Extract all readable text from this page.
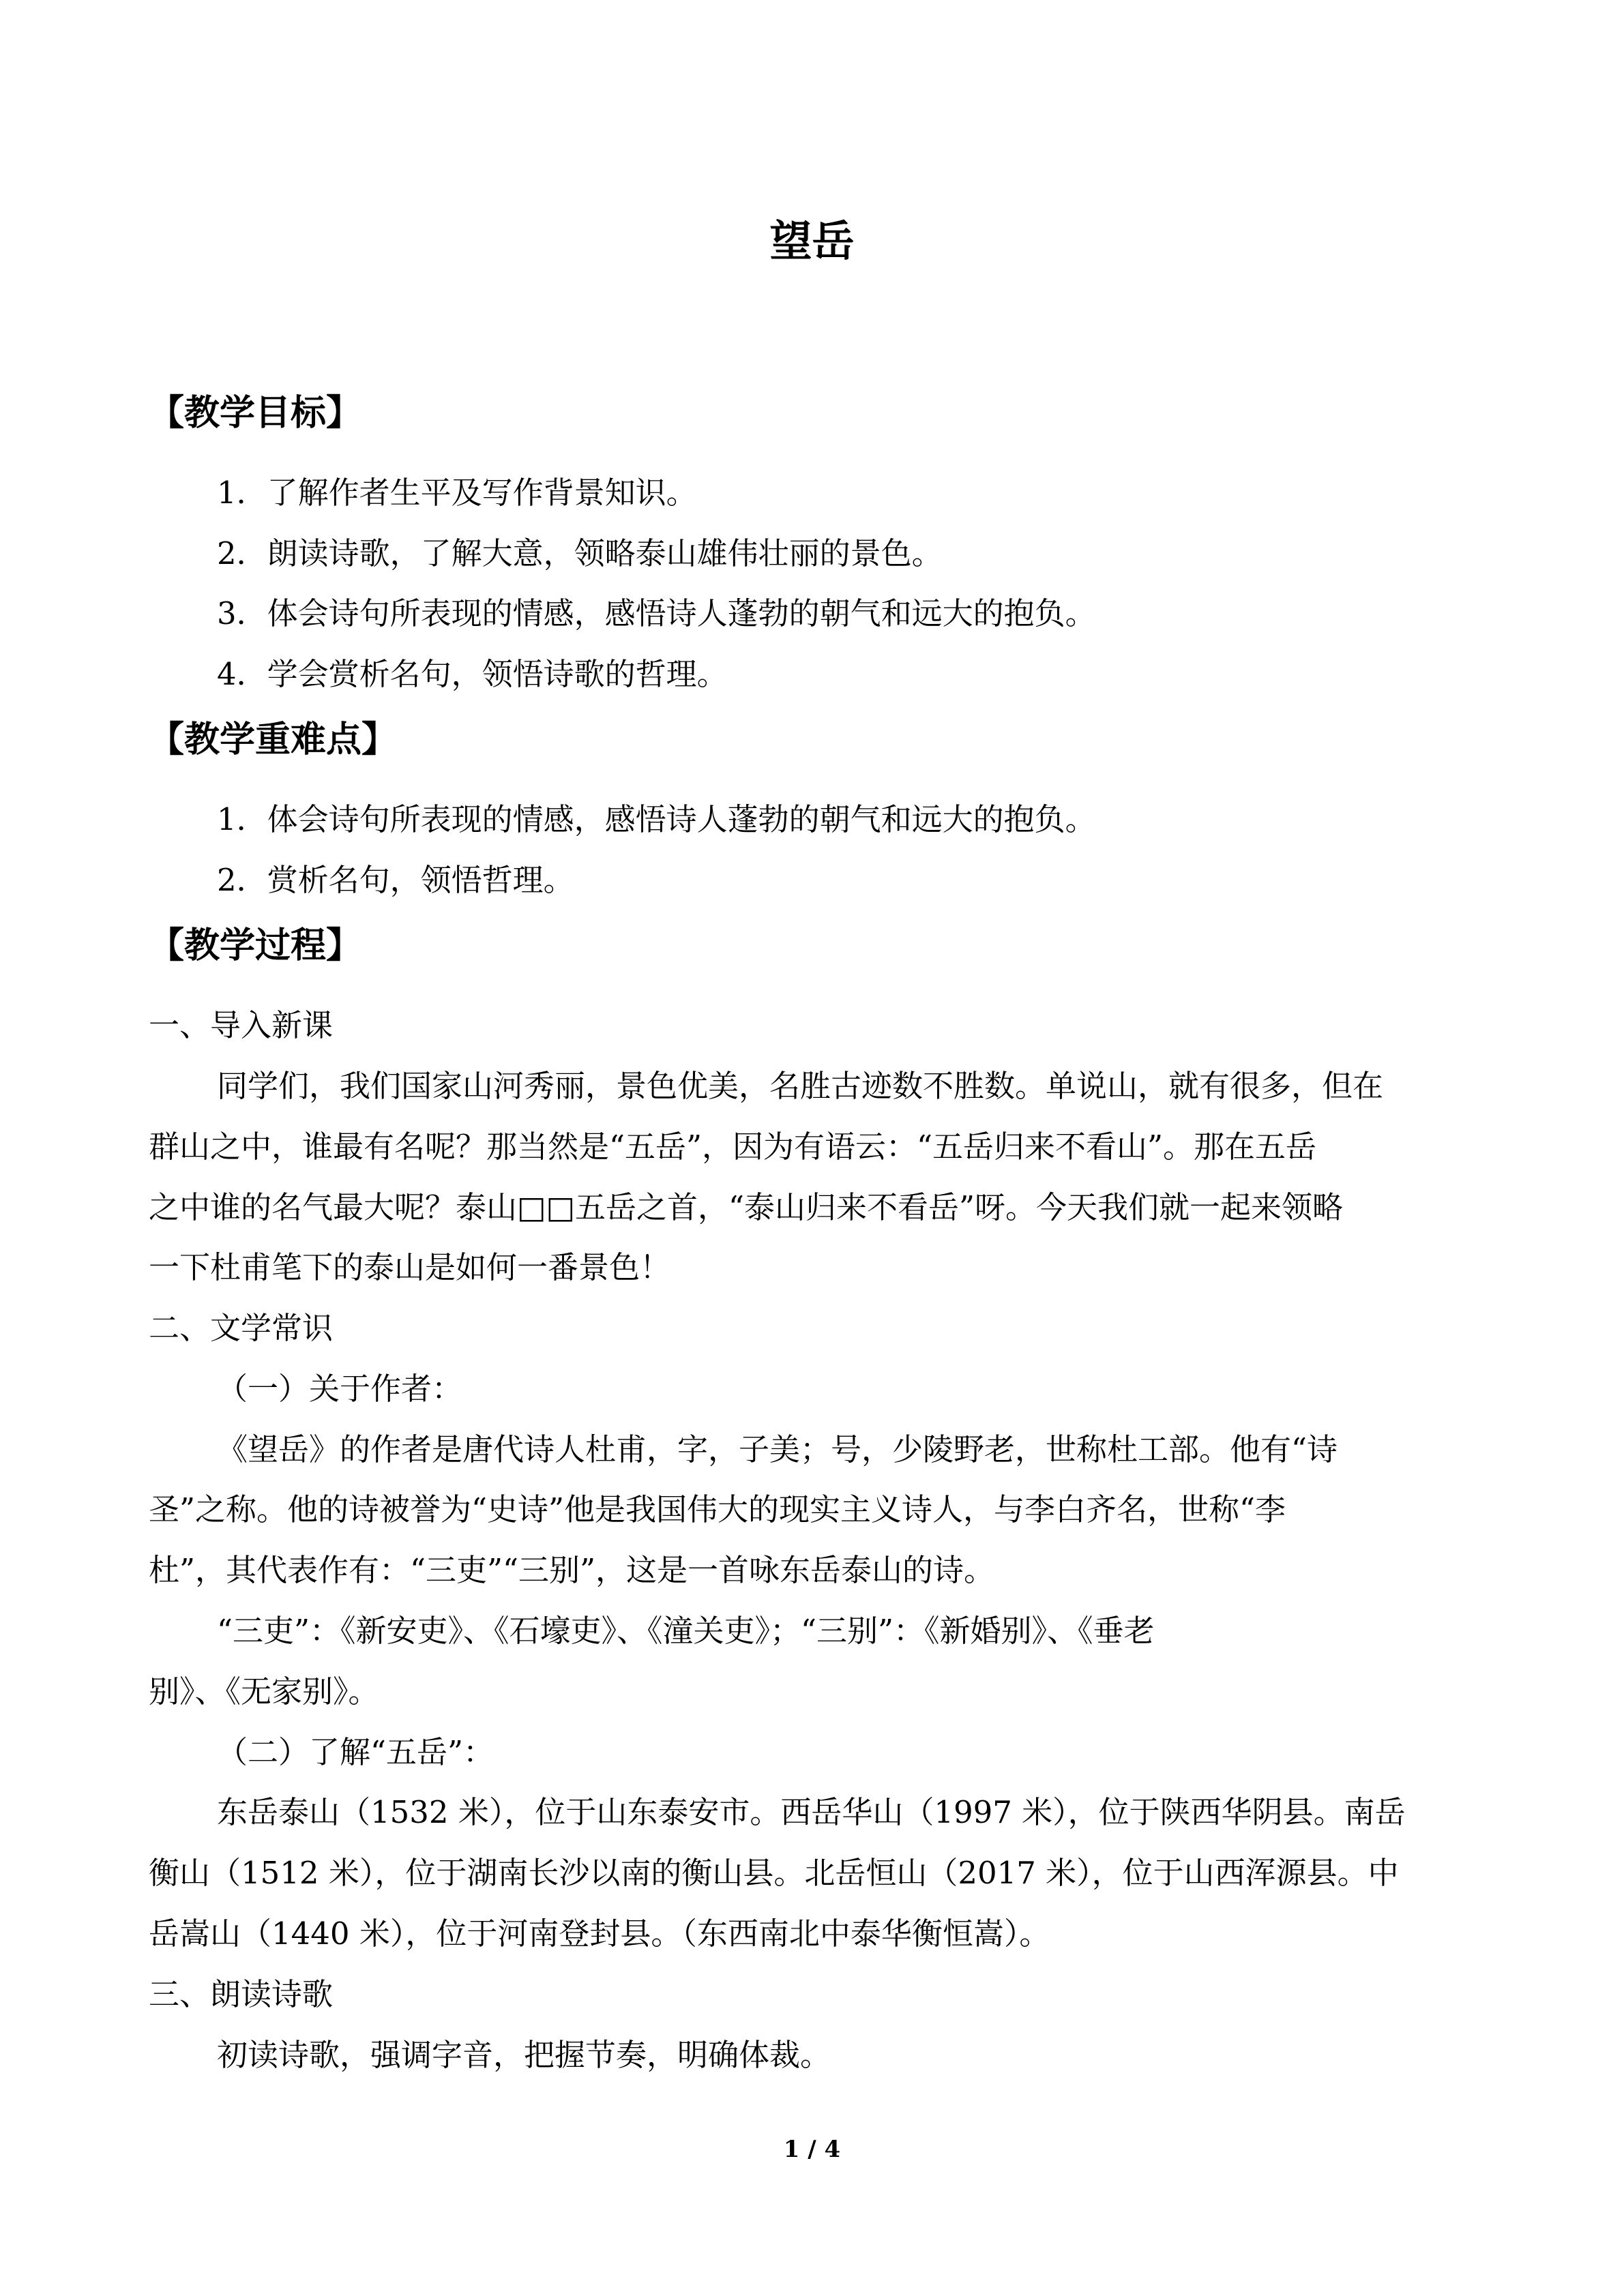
望岳
【教学目标】
1．了解作者生平及写作背景知识。
2．朗读诗歌，了解大意，领略泰山雄伟壮丽的景色。
3．体会诗句所表现的情感，感悟诗人蓬勃的朝气和远大的抱负。
4．学会赏析名句，领悟诗歌的哲理。
【教学重难点】
1．体会诗句所表现的情感，感悟诗人蓬勃的朝气和远大的抱负。
2．赏析名句，领悟哲理。
【教学过程】
一、导入新课
同学们，我们国家山河秀丽，景色优美，名胜古迹数不胜数。单说山，就有很多，但在
群山之中，谁最有名呢？那当然是“五岳”，因为有语云：“五岳归来不看山”。那在五岳
之中谁的名气最大呢？泰山□□五岳之首，“泰山归来不看岳”呀。今天我们就一起来领略
一下杜甫笔下的泰山是如何一番景色！
二、文学常识
（一）关于作者：
《望岳》的作者是唐代诗人杜甫，字，子美；号，少陵野老，世称杜工部。他有“诗
圣”之称。他的诗被誉为“史诗”他是我国伟大的现实主义诗人，与李白齐名，世称“李
杜”，其代表作有：“三吏”“三别”，这是一首咏东岳泰山的诗。
“三吏”：《新安吏》、《石壕吏》、《潼关吏》；“三别”：《新婚别》、《垂老
别》、《无家别》。
（二）了解“五岳”：
东岳泰山（1532 米），位于山东泰安市。西岳华山（1997 米），位于陕西华阴县。南岳
衡山（1512 米），位于湖南长沙以南的衡山县。北岳恒山（2017 米），位于山西浑源县。中
岳嵩山（1440 米），位于河南登封县。（东西南北中泰华衡恒嵩）。
三、朗读诗歌
初读诗歌，强调字音，把握节奏，明确体裁。
1 / 4
